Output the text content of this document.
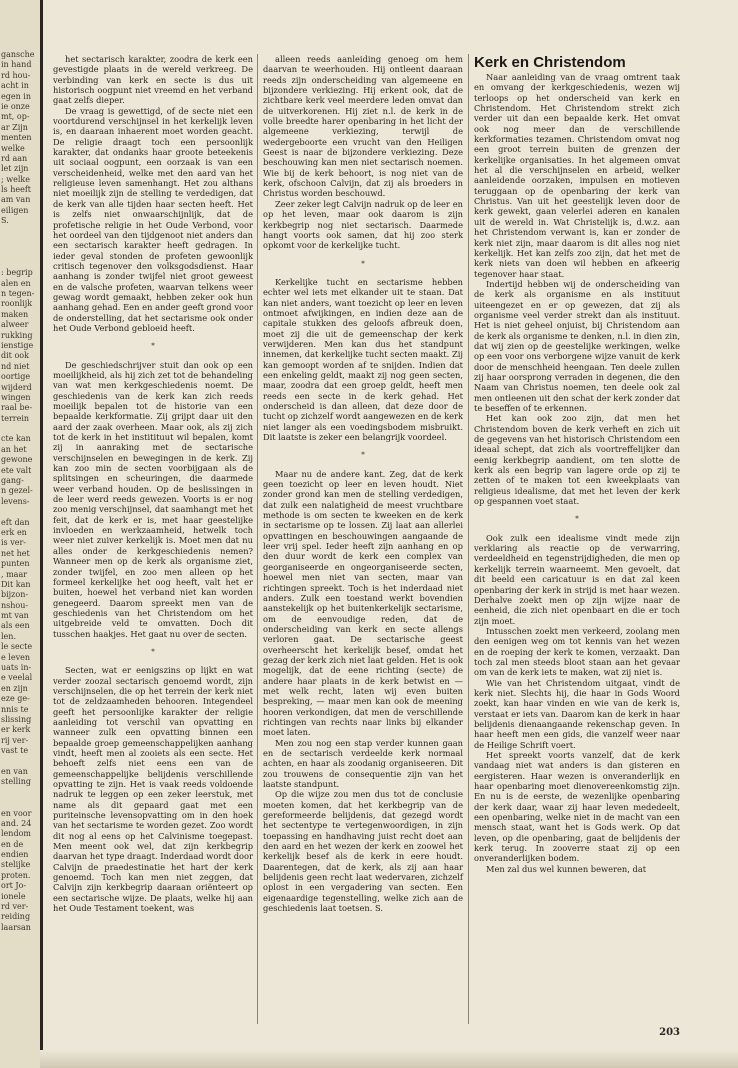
gansche
in hand
rd hou-
acht in
egen in
ie onze
mt, op-
ar Zijn
menten
welke
rd aan
let zijn
; welke
ls heeft
am van
eiligen
S.
: begrip
alen en
n tegen-
roonlijk
maken
alweer
rukking
ienstige
dit ook
nd niet
oortige
wijderd
wingen
raal be-
terrein
cte kan
an het
gewone
ete valt
gang-
n gezel-
levens-
eft dan
erk en
is ver-
net het
punten
, maar
Dit kan
bijzon-
nshou-
mt van
als een
len.
le secte
e leven
uats in-
e veelal
en zijn
eze ge-
nnis te
slissing
er kerk
rij ver-
vast te
en van
stelling
en voor
and. 24
lendom
en de
endien
stelijke
proten.
ort Jo-
ionele
rd ver-
reiding
laarsan

het sectarisch karakter, zoodra de kerk een gevestigde plaats in de wereld verkreeg. De verbinding van kerk en secte is dus uit historisch oogpunt niet vreemd en het verband gaat zelfs dieper.

De vraag is gewettigd, of de secte niet een voortdurend verschijnsel in het kerkelijk leven is, en daaraan inhaerent moet worden geacht. De religie draagt toch een persoonlijk karakter, dat ondanks haar groote beteekenis uit sociaal oogpunt, een oorzaak is van een verscheidenheid, welke met den aard van het religieuse leven samenhangt. Het zou althans niet moeilijk zijn de stelling te verdedigen, dat de kerk van alle tijden haar secten heeft. Het is zelfs niet onwaarschijnlijk, dat de profetische religie in het Oude Verbond, voor het oordeel van den tijdgenoot niet anders dan een sectarisch karakter heeft gedragen. In ieder geval stonden de profeten gewoonlijk critisch tegenover den volksgodsdienst. Haar aanhang is zonder twijfel niet groot geweest en de valsche profeten, waarvan telkens weer gewag wordt gemaakt, hebben zeker ook hun aanhang gehad. Een en ander geeft grond voor de onderstelling, dat het sectarisme ook onder het Oude Verbond gebloeid heeft.

*

De geschiedschrijver stuit dan ook op een moeilijkheid, als hij zich zet tot de behandeling van wat men kerkgeschiedenis noemt. De geschiedenis van de kerk kan zich reeds moeilijk bepalen tot de historie van een bepaalde kerkformatie. Zij grijpt daar uit den aard der zaak overheen. Maar ook, als zij zich tot de kerk in het institituut wil bepalen, komt zij in aanraking met de sectarische verschijnselen en bewegingen in de kerk. Zij kan zoo min de secten voorbijgaan als de splitsingen en scheuringen, die daarmede weer verband houden. Op de beslissingen in de leer werd reeds gewezen. Voorts is er nog zoo menig verschijnsel, dat saamhangt met het feit, dat de kerk er is, met haar geestelijke invloeden en werkzaamheid, hetwelk toch weer niet zuiver kerkelijk is. Moet men dat nu alles onder de kerkgeschiedenis nemen? Wanneer men op de kerk als organisme ziet, zonder twijfel, en zoo men alleen op het formeel kerkelijke het oog heeft, valt het er buiten, hoewel het verband niet kan worden genegeerd. Daarom spreekt men van de geschiedenis van het Christendom om het uitgebreide veld te omvatten. Doch dit tusschen haakjes. Het gaat nu over de secten.

*

Secten, wat er eenigszins op lijkt en wat verder zoozal sectarisch genoemd wordt, zijn verschijnselen, die op het terrein der kerk niet tot de zeldzaamheden behooren. Integendeel geeft het persoonlijke karakter der religie aanleiding tot verschil van opvatting en wanneer zulk een opvatting binnen een bepaalde groep gemeenschappelijken aanhang vindt, heeft men al zooiets als een secte. Het behoeft zelfs niet eens een van de gemeenschappelijke belijdenis verschillende opvatting te zijn. Het is vaak reeds voldoende nadruk te leggen op een zeker leerstuk, met name als dit gepaard gaat met een puriteinsche levensopvatting om in den hoek van het sectarisme te worden gezet. Zoo wordt dit nog al eens op het Calvinisme toegepast. Men meent ook wel, dat zijn kerkbegrip daarvan het type draagt. Inderdaad wordt door Calvijn de praedestinatie het hart der kerk genoemd. Toch kan men niet zeggen, dat Calvijn zijn kerkbegrip daaraan oriënteert op een sectarische wijze. De plaats, welke hij aan het Oude Testament toekent, was

alleen reeds aanleiding genoeg om hem daarvan te weerhouden. Hij ontleent daaraan reeds zijn onderscheiding van algemeene en bijzondere verkiezing. Hij erkent ook, dat de zichtbare kerk veel meerdere leden omvat dan de uitverkorenen. Hij ziet n.l. de kerk in de volle breedte harer openbaring in het licht der algemeene verkiezing, terwijl de wedergeboorte een vrucht van den Heiligen Geest is naar de bijzondere verkiezing. Deze beschouwing kan men niet sectarisch noemen. Wie bij de kerk behoort, is nog niet van de kerk, ofschoon Calvijn, dat zij als broeders in Christus worden beschouwd.

Zeer zeker legt Calvijn nadruk op de leer en op het leven, maar ook daarom is zijn kerkbegrip nog niet sectarisch. Daarmede hangt voorts ook samen, dat hij zoo sterk opkomt voor de kerkelijke tucht.

*

Kerkelijke tucht en sectarisme hebben echter wel iets met elkander uit te staan. Dat kan niet anders, want toezicht op leer en leven ontmoet afwijkingen, en indien deze aan de capitale stukken des geloofs afbreuk doen, moet zij die uit de gemeenschap der kerk verwijderen. Men kan dus het standpunt innemen, dat kerkelijke tucht secten maakt. Zij kan gemoopt worden af te snijden. Indien dat een enkeling geldt, maakt zij nog geen secten, maar, zoodra dat een groep geldt, heeft men reeds een secte in de kerk gehad. Het onderscheid is dan alleen, dat deze door de tucht op zichzelf wordt aangewezen en de kerk niet langer als een voedingsbodem misbruikt. Dit laatste is zeker een belangrijk voordeel.

*

Maar nu de andere kant. Zeg, dat de kerk geen toezicht op leer en leven houdt. Niet zonder grond kan men de stelling verdedigen, dat zulk een nalatigheid de meest vruchtbare methode is om secten te kweeken en de kerk in sectarisme op te lossen. Zij laat aan allerlei opvattingen en beschouwingen aangaande de leer vrij spel. Ieder heeft zijn aanhang en op den duur wordt de kerk een complex van georganiseerde en ongeorganiseerde secten, hoewel men niet van secten, maar van richtingen spreekt. Toch is het inderdaad niet anders. Zulk een toestand werkt bovendien aanstekelijk op het buitenkerkelijk sectarisme, om de eenvoudige reden, dat de onderscheiding van kerk en secte allengs verloren gaat. De sectarische geest overheerscht het kerkelijk besef, omdat het gezag der kerk zich niet laat gelden. Het is ook mogelijk, dat de eene richting (secte) de andere haar plaats in de kerk betwist en — met welk recht, laten wij even buiten bespreking, — maar men kan ook de meening hooren verkondigen, dat men de verschillende richtingen van rechts naar links bij elkander moet laten.

Men zou nog een stap verder kunnen gaan en de sectarisch verdeelde kerk normaal achten, en haar als zoodanig organiseeren. Dit zou trouwens de consequentie zijn van het laatste standpunt.

Op die wijze zou men dus tot de conclusie moeten komen, dat het kerkbegrip van de gereformeerde belijdenis, dat gezegd wordt het sectentype te vertegenwoordigen, in zijn toepassing en handhaving juist recht doet aan den aard en het wezen der kerk en zoowel het kerkelijk besef als de kerk in eere houdt. Daarentegen, dat de kerk, als zij aan haar belijdenis geen recht laat wedervaren, zichzelf oplost in een vergadering van secten. Een eigenaardige tegenstelling, welke zich aan de geschiedenis laat toetsen. S.

Kerk en Christendom

Naar aanleiding van de vraag omtrent taak en omvang der kerkgeschiedenis, wezen wij terloops op het onderscheid van kerk en Christendom. Het Christendom strekt zich verder uit dan een bepaalde kerk. Het omvat ook nog meer dan de verschillende kerkformaties tezamen. Christendom omvat nog een groot terrein buiten de grenzen der kerkelijke organisaties. In het algemeen omvat het al die verschijnselen en arbeid, welker aanleidende oorzaken, impulsen en motieven teruggaan op de openbaring der kerk van Christus. Van uit het geestelijk leven door de kerk gewekt, gaan velerlei aderen en kanalen uit de wereld in. Wat Christelijk is, d.w.z. aan het Christendom verwant is, kan er zonder de kerk niet zijn, maar daarom is dit alles nog niet kerkelijk. Het kan zelfs zoo zijn, dat het met de kerk niets van doen wil hebben en afkeerig tegenover haar staat.

Indertijd hebben wij de onderscheiding van de kerk als organisme en als instituut uiteengezet en er op gewezen, dat zij als organisme veel verder strekt dan als instituut. Het is niet geheel onjuist, bij Christendom aan de kerk als organisme te denken, n.l. in dien zin, dat wij zien op de geestelijke werkingen, welke op een voor ons verborgene wijze vanuit de kerk door de menschheid heengaan. Ten deele zullen zij haar oorsprong verraden in degenen, die den Naam van Christus noemen, ten deele ook zal men ontleenen uit den schat der kerk zonder dat te beseffen of te erkennen.

Het kan ook zoo zijn, dat men het Christendom boven de kerk verheft en zich uit de gegevens van het historisch Christendom een ideaal schept, dat zich als voortreffelijker dan eenig kerkbegrip aandient, om ten slotte de kerk als een begrip van lagere orde op zij te zetten of te maken tot een kweekplaats van religieus idealisme, dat met het leven der kerk op gespannen voet staat.

*

Ook zulk een idealisme vindt mede zijn verklaring als reactie op de verwarring, verdeeldheid en tegenstrijdigheden, die men op kerkelijk terrein waarneemt. Men gevoelt, dat dit beeld een caricatuur is en dat zal keen openbaring der kerk in strijd is met haar wezen. Derhalve zoekt men op zijn wijze naar de eenheid, die zich niet openbaart en die er toch zijn moet.

Intusschen zoekt men verkeerd, zoolang men den eenigen weg om tot kennis van het wezen en de roeping der kerk te komen, verzaakt. Dan toch zal men steeds bloot staan aan het gevaar om van de kerk iets te maken, wat zij niet is.

Wie van het Christendom uitgaat, vindt de kerk niet. Slechts hij, die haar in Gods Woord zoekt, kan haar vinden en wie van de kerk is, verstaat er iets van. Daarom kan de kerk in haar belijdenis dienaangaande rekenschap geven. In haar heeft men een gids, die vanzelf weer naar de Heilige Schrift voert.

Het spreekt voorts vanzelf, dat de kerk vandaag niet wat anders is dan gisteren en eergisteren. Haar wezen is onveranderlijk en haar openbaring moet dienovereenkomstig zijn. En nu is de eerste, de wezenlijke openbaring der kerk daar, waar zij haar leven mededeelt, een openbaring, welke niet in de macht van een mensch staat, want het is Gods werk. Op dat leven, op die openbaring, gaat de belijdenis der kerk terug. In zooverre staat zij op een onveranderlijken bodem.

Men zal dus wel kunnen beweren, dat

203
